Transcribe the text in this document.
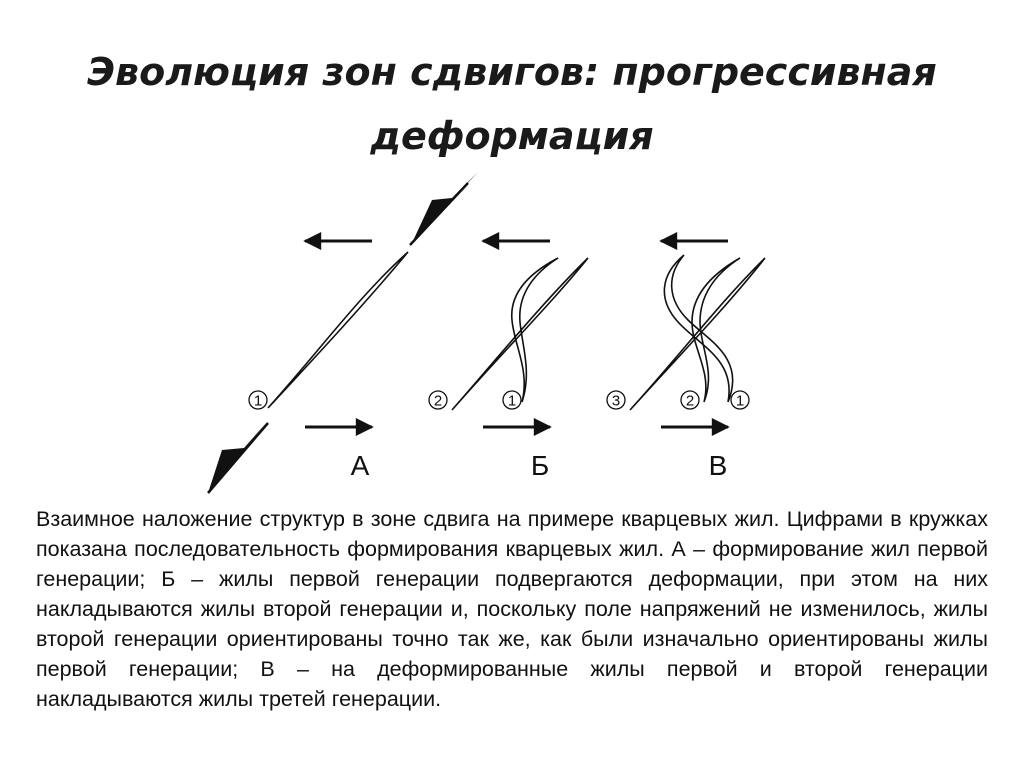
Эволюция зон сдвигов: прогрессивная
деформация
1
А
2	1
Б
3	2	1
В

Взаимное наложение структур в зоне сдвига на примере кварцевых жил. Цифрами в кружках показана последовательность формирования кварцевых жил. А – формирование жил первой генерации; Б – жилы первой генерации подвергаются деформации, при этом на них накладываются жилы второй генерации и, поскольку поле напряжений не изменилось, жилы второй генерации ориентированы точно так же, как были изначально ориентированы жилы первой генерации; В – на деформированные жилы первой и второй генерации накладываются жилы третей генерации.
